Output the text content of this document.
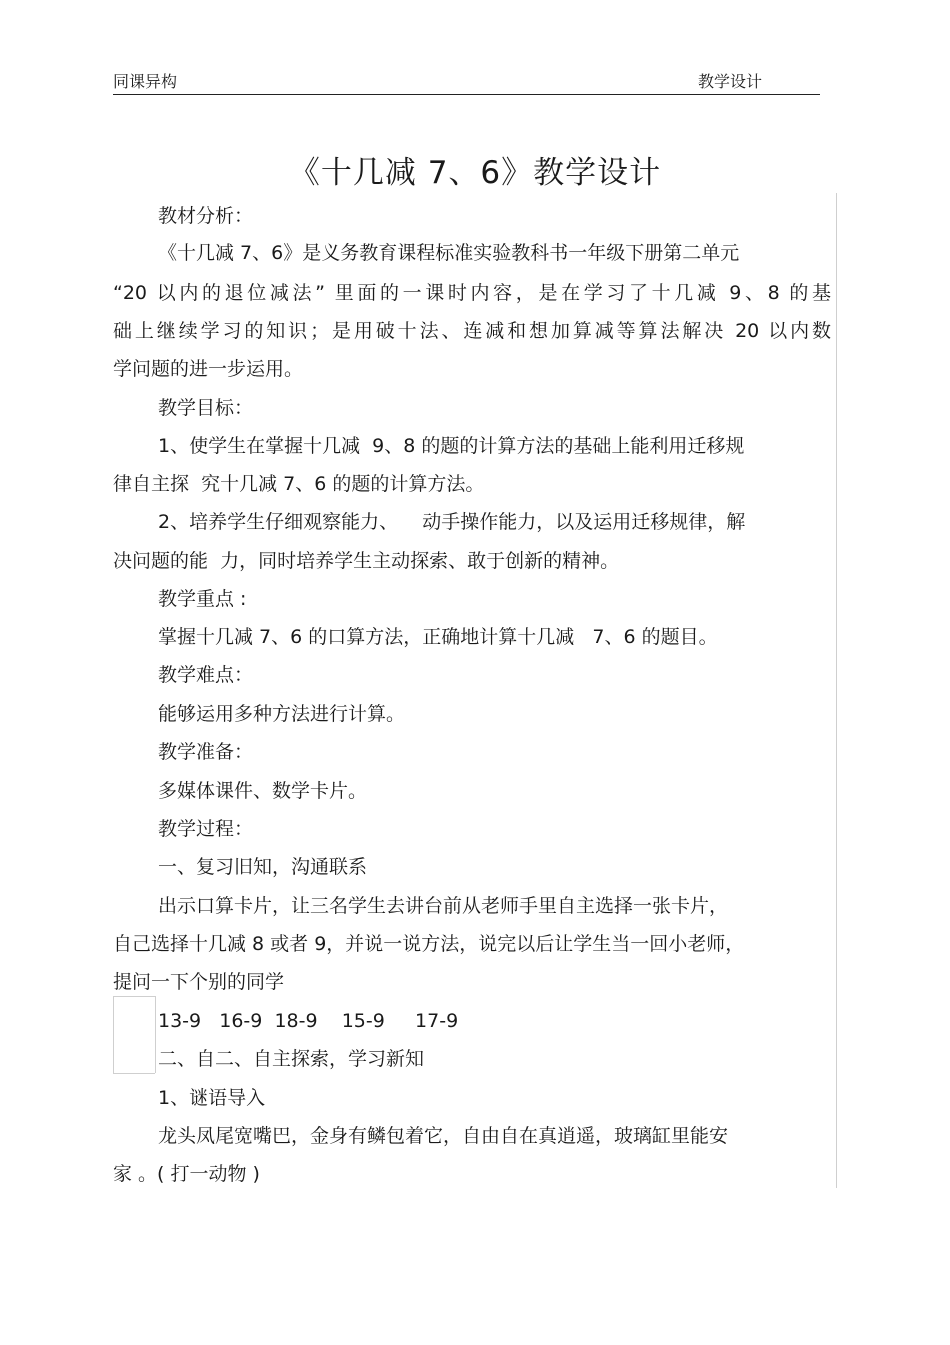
同课异构	教学设计
《十几减 7、6》教学设计
教材分析：
《十几减 7、6》是义务教育课程标准实验教科书一年级下册第二单元
“20 以内的退位减法” 里面的一课时内容，是在学习了十几减 9、8 的基
础上继续学习的知识；是用破十法、连减和想加算减等算法解决 20 以内数
学问题的进一步运用。
教学目标：
1、使学生在掌握十几减  9、8 的题的计算方法的基础上能利用迁移规
律自主探  究十几减 7、6 的题的计算方法。
2、培养学生仔细观察能力、    动手操作能力，以及运用迁移规律，解
决问题的能  力，同时培养学生主动探索、敢于创新的精神。
教学重点 :
掌握十几减 7、6 的口算方法，正确地计算十几减   7、6 的题目。
教学难点：
能够运用多种方法进行计算。
教学准备：
多媒体课件、数学卡片。
教学过程：
一、复习旧知，沟通联系
出示口算卡片，让三名学生去讲台前从老师手里自主选择一张卡片，
自己选择十几减 8 或者 9，并说一说方法，说完以后让学生当一回小老师，
提问一下个别的同学
13-9   16-9  18-9    15-9     17-9
二、自二、自主探索，学习新知
1、谜语导入
龙头凤尾宽嘴巴，金身有鳞包着它，自由自在真逍遥，玻璃缸里能安
家 。( 打一动物 )
